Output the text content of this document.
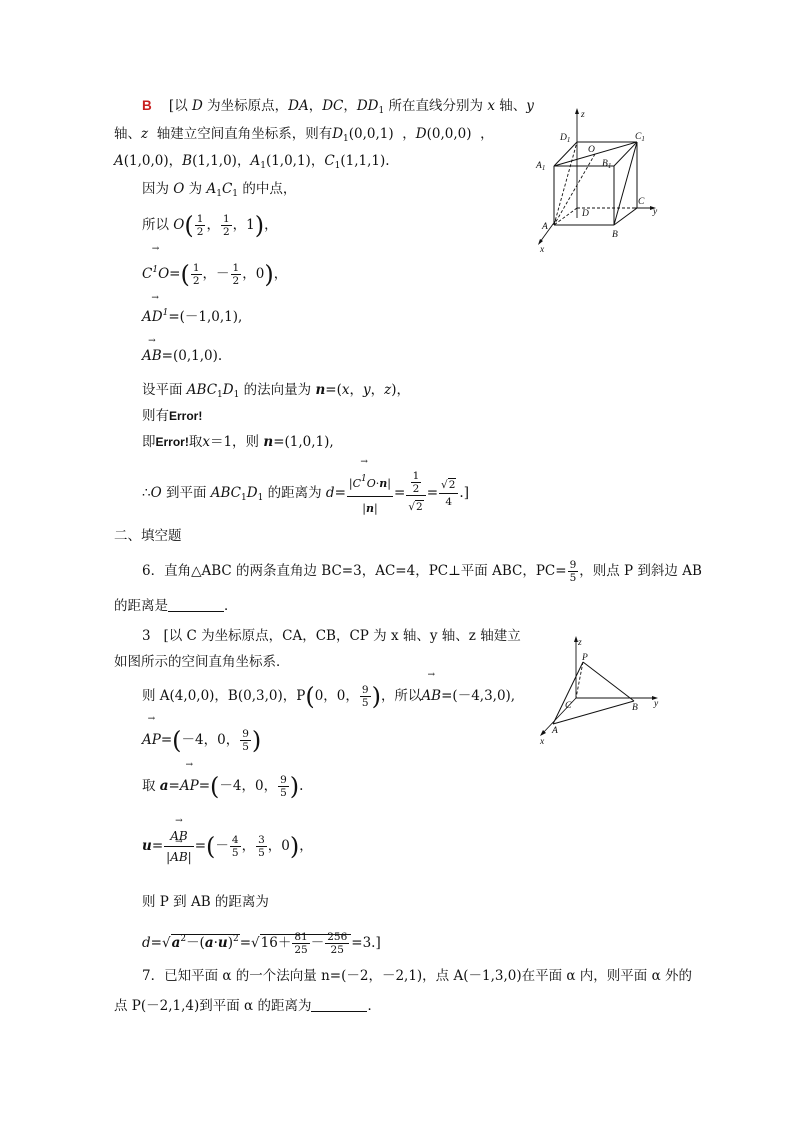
B [以 D 为坐标原点，DA，DC，$DD_1$ 所在直线分别为 x 轴、y
轴、z 轴建立空间直角坐标系，则有$D_1(0,0,1)$  ，D(0,0,0)  ，
A(1,0,0)，B(1,1,0)，$A_1(1,0,1)$，$C_1(1,1,1)$.
因为 O 为 $A_1C_1$ 的中点，
所以 $O( \frac{1}{2}$ ， $\frac{1}{2}$ ，1)，
→ $C^1O=( \frac{1}{2}$ ，－ $\frac{1}{2}$ ，0)，
→ $AD^1=(-1,0,1)$,
→ AB=(0,1,0).
设平面 $ABC_1D_1$ 的法向量为 n=(x，y，z)，
则有Error!
即Error!取x＝1，则 n=(1,0,1),
∴O 到平面 $ABC_1D_1$ 的距离为 $d= \frac{|\to C^1O\cdot n|}{|n|} = \frac{\frac{1}{2}}{√2} = \frac{√2}{4}$ .]
z
$D_1$	$C_1$
O
$B_1$
$A_1$
D
C
y
A
B
x
二、填空题
6．直角△ABC 的两条直角边 BC=3，AC=4，PC⊥平面 ABC，$PC= \frac{9}{5}$ ，则点 P 到斜边 AB
的距离是	．
3 [以 C 为坐标原点，CA，CB，CP 为 x 轴、y 轴、z 轴建立
如图所示的空间直角坐标系．
则 A(4,0,0)，B(0,3,0)，P(0，0， $\frac{9}{5}$ )，所以→ AB=(－4,3,0),
→ AP=(－4，0， $\frac{9}{5}$ )
取 a=→ AP=(－4，0， $\frac{9}{5}$ ).
u=
→ $\frac{AB}{|\to AB|}$ =(－ $\frac{4}{5}$ ， $\frac{3}{5}$ ，0)，
则 P 到 AB 的距离为
$d=√a^2-(a\cdot u)^2=√16+ \frac{81}{25} - \frac{256}{25} =3$.]
z
P
C	B y
A
x
7．已知平面 α 的一个法向量 n=(－2，－2,1)，点 A(－1,3,0)在平面 α 内，则平面 α 外的
点 P(－2,1,4)到平面 α 的距离为	．
